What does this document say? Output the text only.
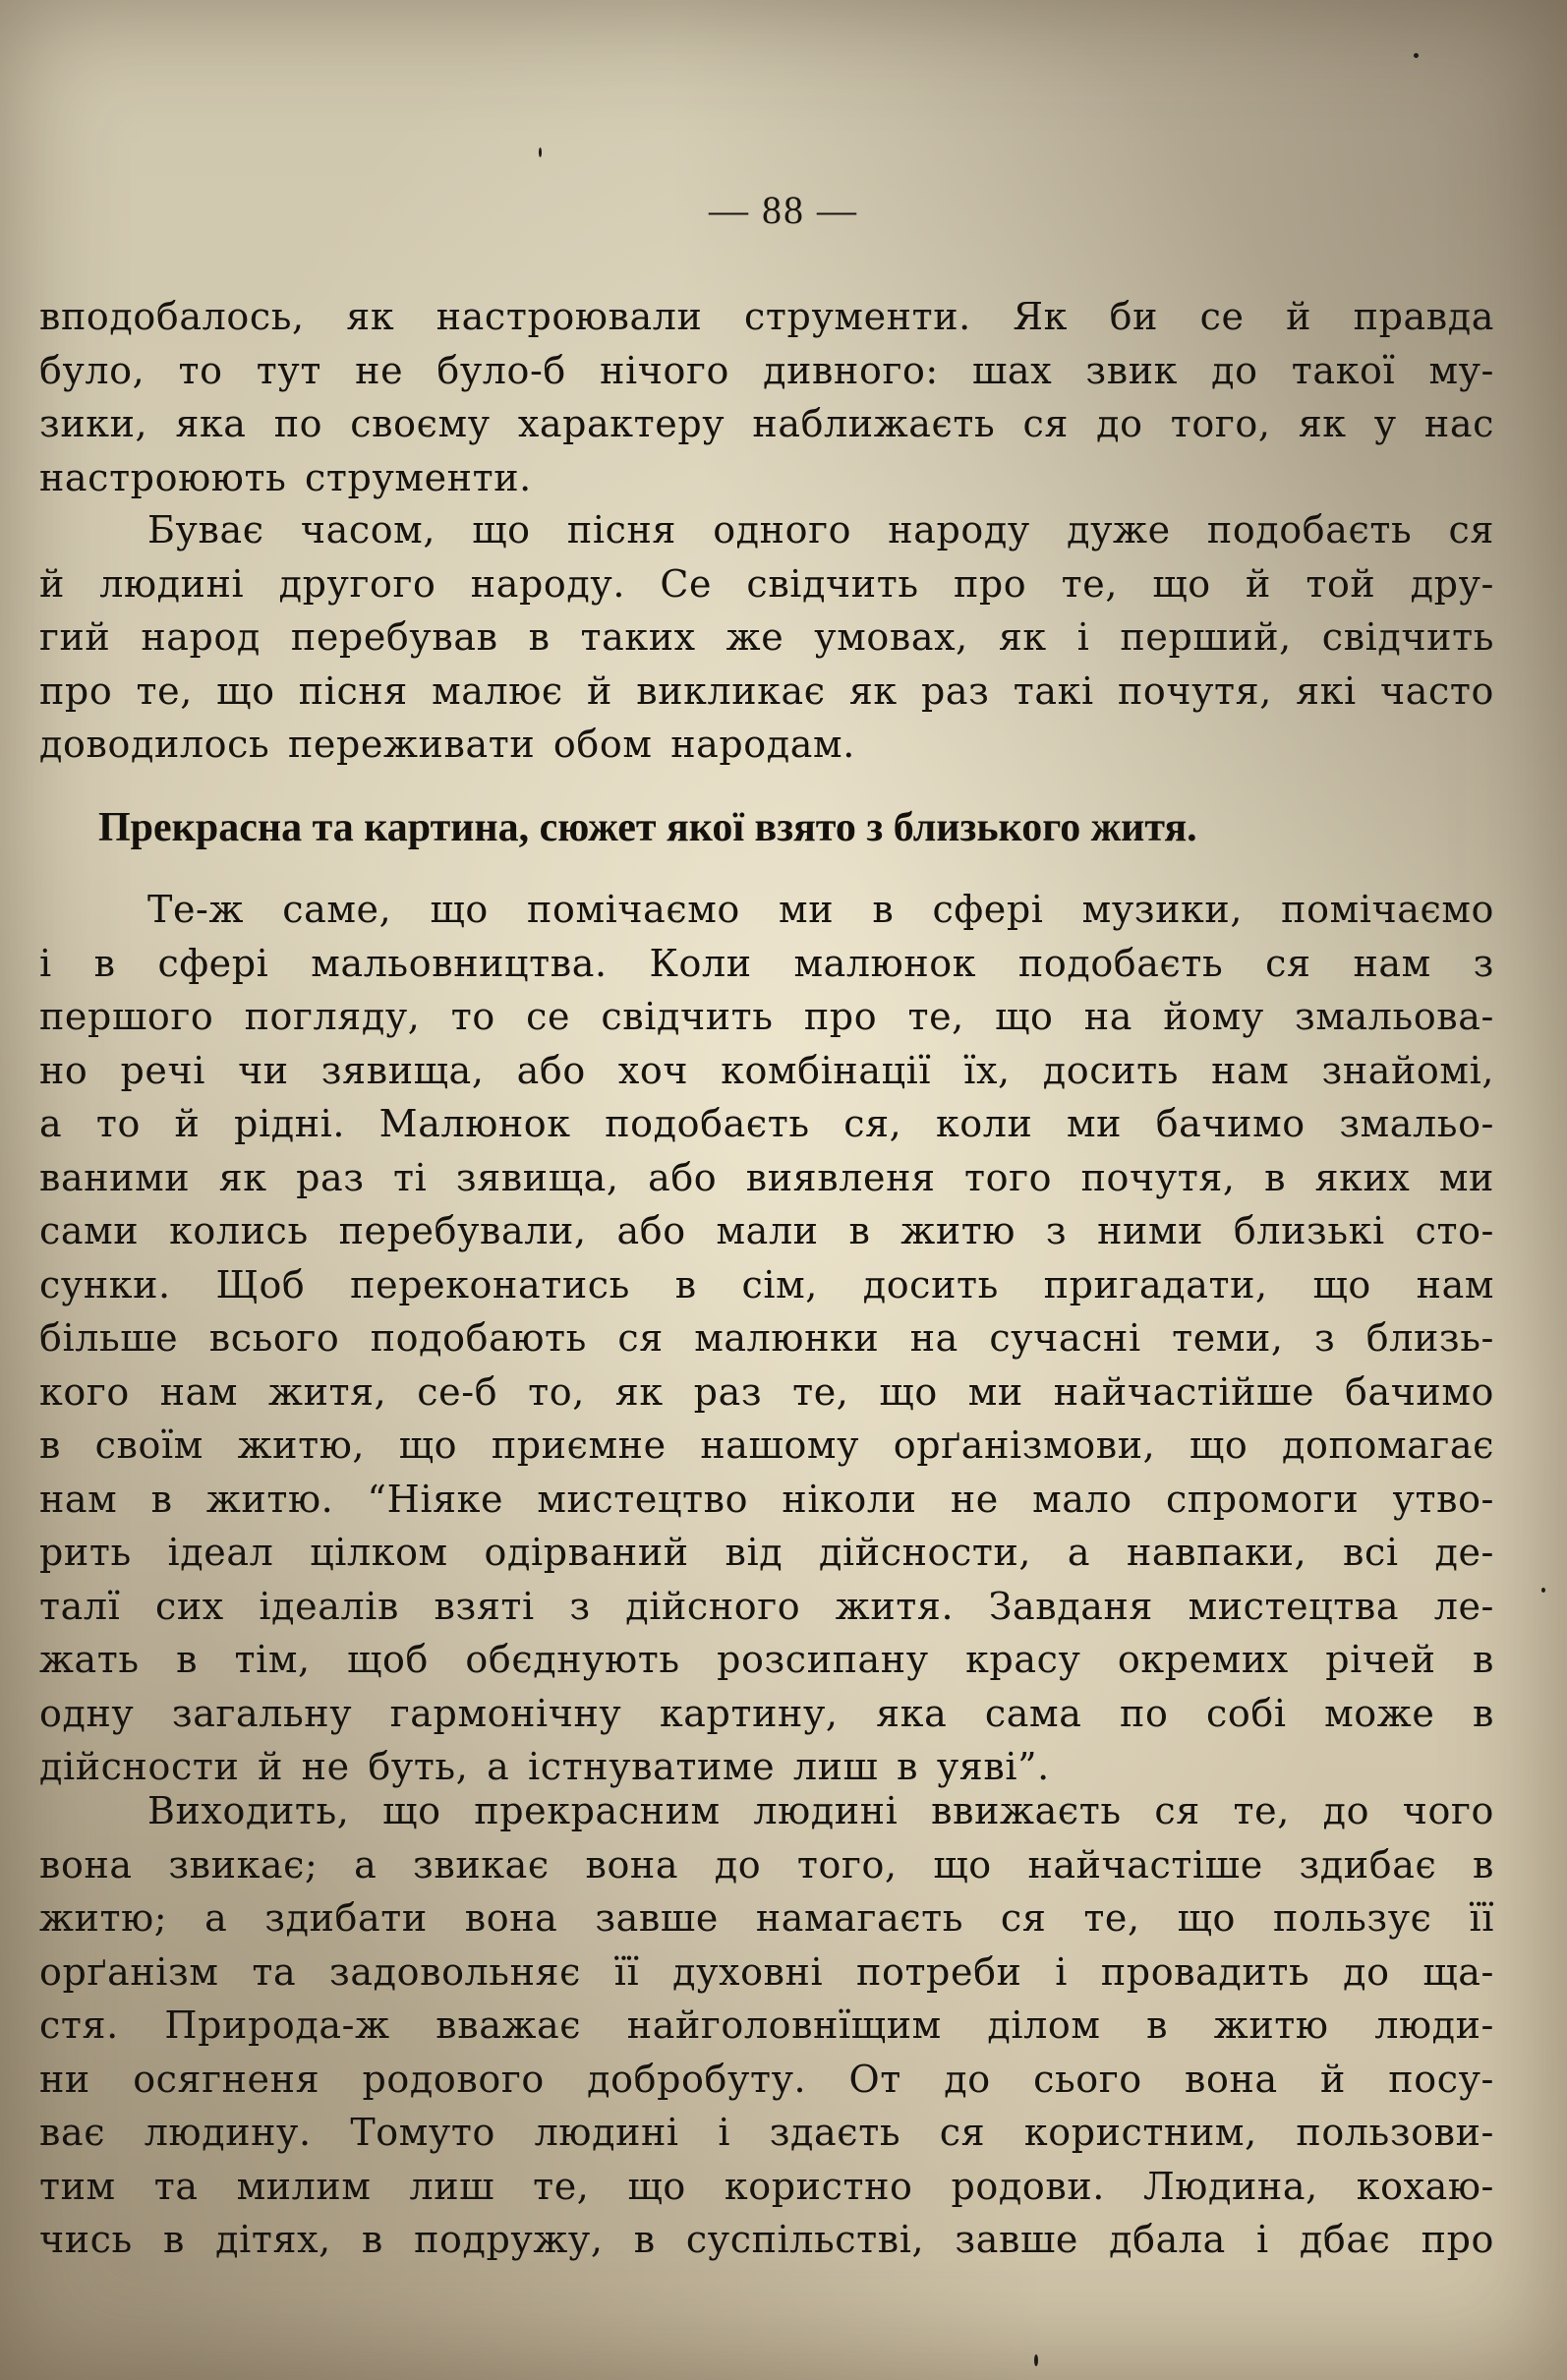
— 88 —
вподобалось, як настроювали струменти. Як би се й правда
було, то тут не було-б нічого дивного: шах звик до такої му-
зики, яка по своєму характеру наближаєть ся до того, як у нас
настроюють струменти.
Буває часом, що пісня одного народу дуже подобаєть ся
й людині другого народу. Се свідчить про те, що й той дру-
гий народ перебував в таких же умовах, як і перший, свідчить
про те, що пісня малює й викликає як раз такі почутя, які часто
доводилось переживати обом народам.
Прекрасна та картина, сюжет якої взято з близького житя.
Те-ж саме, що помічаємо ми в сфері музики, помічаємо
і в сфері мальовництва. Коли малюнок подобаєть ся нам з
першого погляду, то се свідчить про те, що на йому змальова-
но речі чи зявища, або хоч комбінації їх, досить нам знайомі,
а то й рідні. Малюнок подобаєть ся, коли ми бачимо змальо-
ваними як раз ті зявища, або виявленя того почутя, в яких ми
сами колись перебували, або мали в житю з ними близькі сто-
сунки. Щоб переконатись в сім, досить пригадати, що нам
більше всього подобають ся малюнки на сучасні теми, з близь-
кого нам житя, се-б то, як раз те, що ми найчастійше бачимо
в своїм житю, що приємне нашому орґанізмови, що допомагає
нам в житю. “Ніяке мистецтво ніколи не мало спромоги утво-
рить ідеал цілком одірваний від дійсности, а навпаки, всі де-
талї сих ідеалів взяті з дійсного житя. Завданя мистецтва ле-
жать в тім, щоб обєднують розсипану красу окремих річей в
одну загальну гармонічну картину, яка сама по собі може в
дійсности й не буть, а істнуватиме лиш в уяві”.
Виходить, що прекрасним людині ввижаєть ся те, до чого
вона звикає; а звикає вона до того, що найчастіше здибає в
житю; а здибати вона завше намагаєть ся те, що пользує її
орґанізм та задовольняє її духовні потреби і провадить до ща-
стя. Природа-ж вважає найголовнїщим ділом в житю люди-
ни осягненя родового добробуту. От до сього вона й посу-
ває людину. Томуто людині і здаєть ся користним, пользови-
тим та милим лиш те, що користно родови. Людина, кохаю-
чись в дітях, в подружу, в суспільстві, завше дбала і дбає про
